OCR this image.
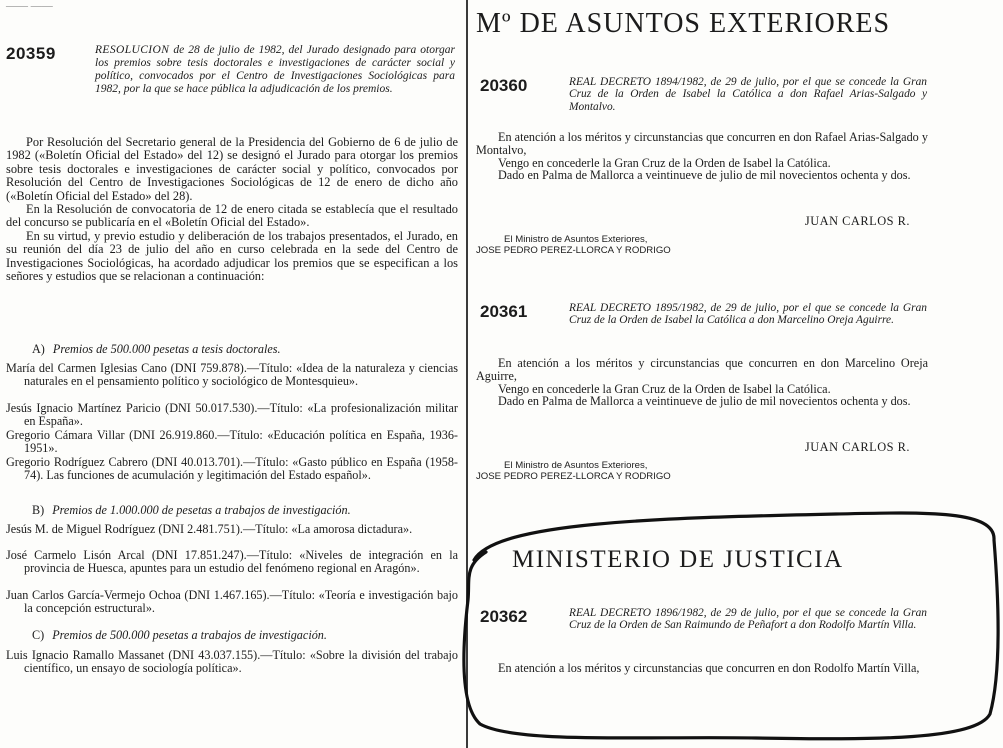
—— ——
20359	RESOLUCION de 28 de julio de 1982, del Jurado designado para otorgar los premios sobre tesis doctorales e investigaciones de carácter social y político, convocados por el Centro de Investigaciones Sociológicas para 1982, por la que se hace pública la adjudicación de los premios.

Por Resolución del Secretario general de la Presidencia del Gobierno de 6 de julio de 1982 («Boletín Oficial del Estado» del 12) se designó el Jurado para otorgar los premios sobre tesis doctorales e investigaciones de carácter social y político, convocados por Resolución del Centro de Investigaciones Sociológicas de 12 de enero de dicho año («Boletín Oficial del Estado» del 28).

En la Resolución de convocatoria de 12 de enero citada se establecía que el resultado del concurso se publicaría en el «Boletín Oficial del Estado».

En su virtud, y previo estudio y deliberación de los trabajos presentados, el Jurado, en su reunión del día 23 de julio del año en curso celebrada en la sede del Centro de Investigaciones Sociológicas, ha acordado adjudicar los premios que se especifican a los señores y estudios que se relacionan a continuación:

A) Premios de 500.000 pesetas a tesis doctorales.
María del Carmen Iglesias Cano (DNI 759.878).—Título: «Idea de la naturaleza y ciencias naturales en el pensamiento político y sociológico de Montesquieu».
Jesús Ignacio Martínez Paricio (DNI 50.017.530).—Título: «La profesionalización militar en España».
Gregorio Cámara Villar (DNI 26.919.860.—Título: «Educación política en España, 1936-1951».
Gregorio Rodríguez Cabrero (DNI 40.013.701).—Título: «Gasto público en España (1958-74). Las funciones de acumulación y legitimación del Estado español».
B) Premios de 1.000.000 de pesetas a trabajos de investigación.
Jesús M. de Miguel Rodríguez (DNI 2.481.751).—Título: «La amorosa dictadura».
José Carmelo Lisón Arcal (DNI 17.851.247).—Título: «Niveles de integración en la provincia de Huesca, apuntes para un estudio del fenómeno regional en Aragón».
Juan Carlos García-Vermejo Ochoa (DNI 1.467.165).—Título: «Teoría e investigación bajo la concepción estructural».
C) Premios de 500.000 pesetas a trabajos de investigación.
Luis Ignacio Ramallo Massanet (DNI 43.037.155).—Título: «Sobre la división del trabajo científico, un ensayo de sociología política».
Mº DE ASUNTOS EXTERIORES
20360	REAL DECRETO 1894/1982, de 29 de julio, por el que se concede la Gran Cruz de la Orden de Isabel la Católica a don Rafael Arias-Salgado y Montalvo.

En atención a los méritos y circunstancias que concurren en don Rafael Arias-Salgado y Montalvo,

Vengo en concederle la Gran Cruz de la Orden de Isabel la Católica.

Dado en Palma de Mallorca a veintinueve de julio de mil novecientos ochenta y dos.

JUAN CARLOS R.
El Ministro de Asuntos Exteriores,
JOSE PEDRO PEREZ-LLORCA Y RODRIGO
20361	REAL DECRETO 1895/1982, de 29 de julio, por el que se concede la Gran Cruz de la Orden de Isabel la Católica a don Marcelino Oreja Aguirre.

En atención a los méritos y circunstancias que concurren en don Marcelino Oreja Aguirre,

Vengo en concederle la Gran Cruz de la Orden de Isabel la Católica.

Dado en Palma de Mallorca a veintinueve de julio de mil novecientos ochenta y dos.

JUAN CARLOS R.
El Ministro de Asuntos Exteriores,
JOSE PEDRO PEREZ-LLORCA Y RODRIGO
MINISTERIO DE JUSTICIA
20362	REAL DECRETO 1896/1982, de 29 de julio, por el que se concede la Gran Cruz de la Orden de San Raimundo de Peñafort a don Rodolfo Martín Villa.

En atención a los méritos y circunstancias que concurren en don Rodolfo Martín Villa,
